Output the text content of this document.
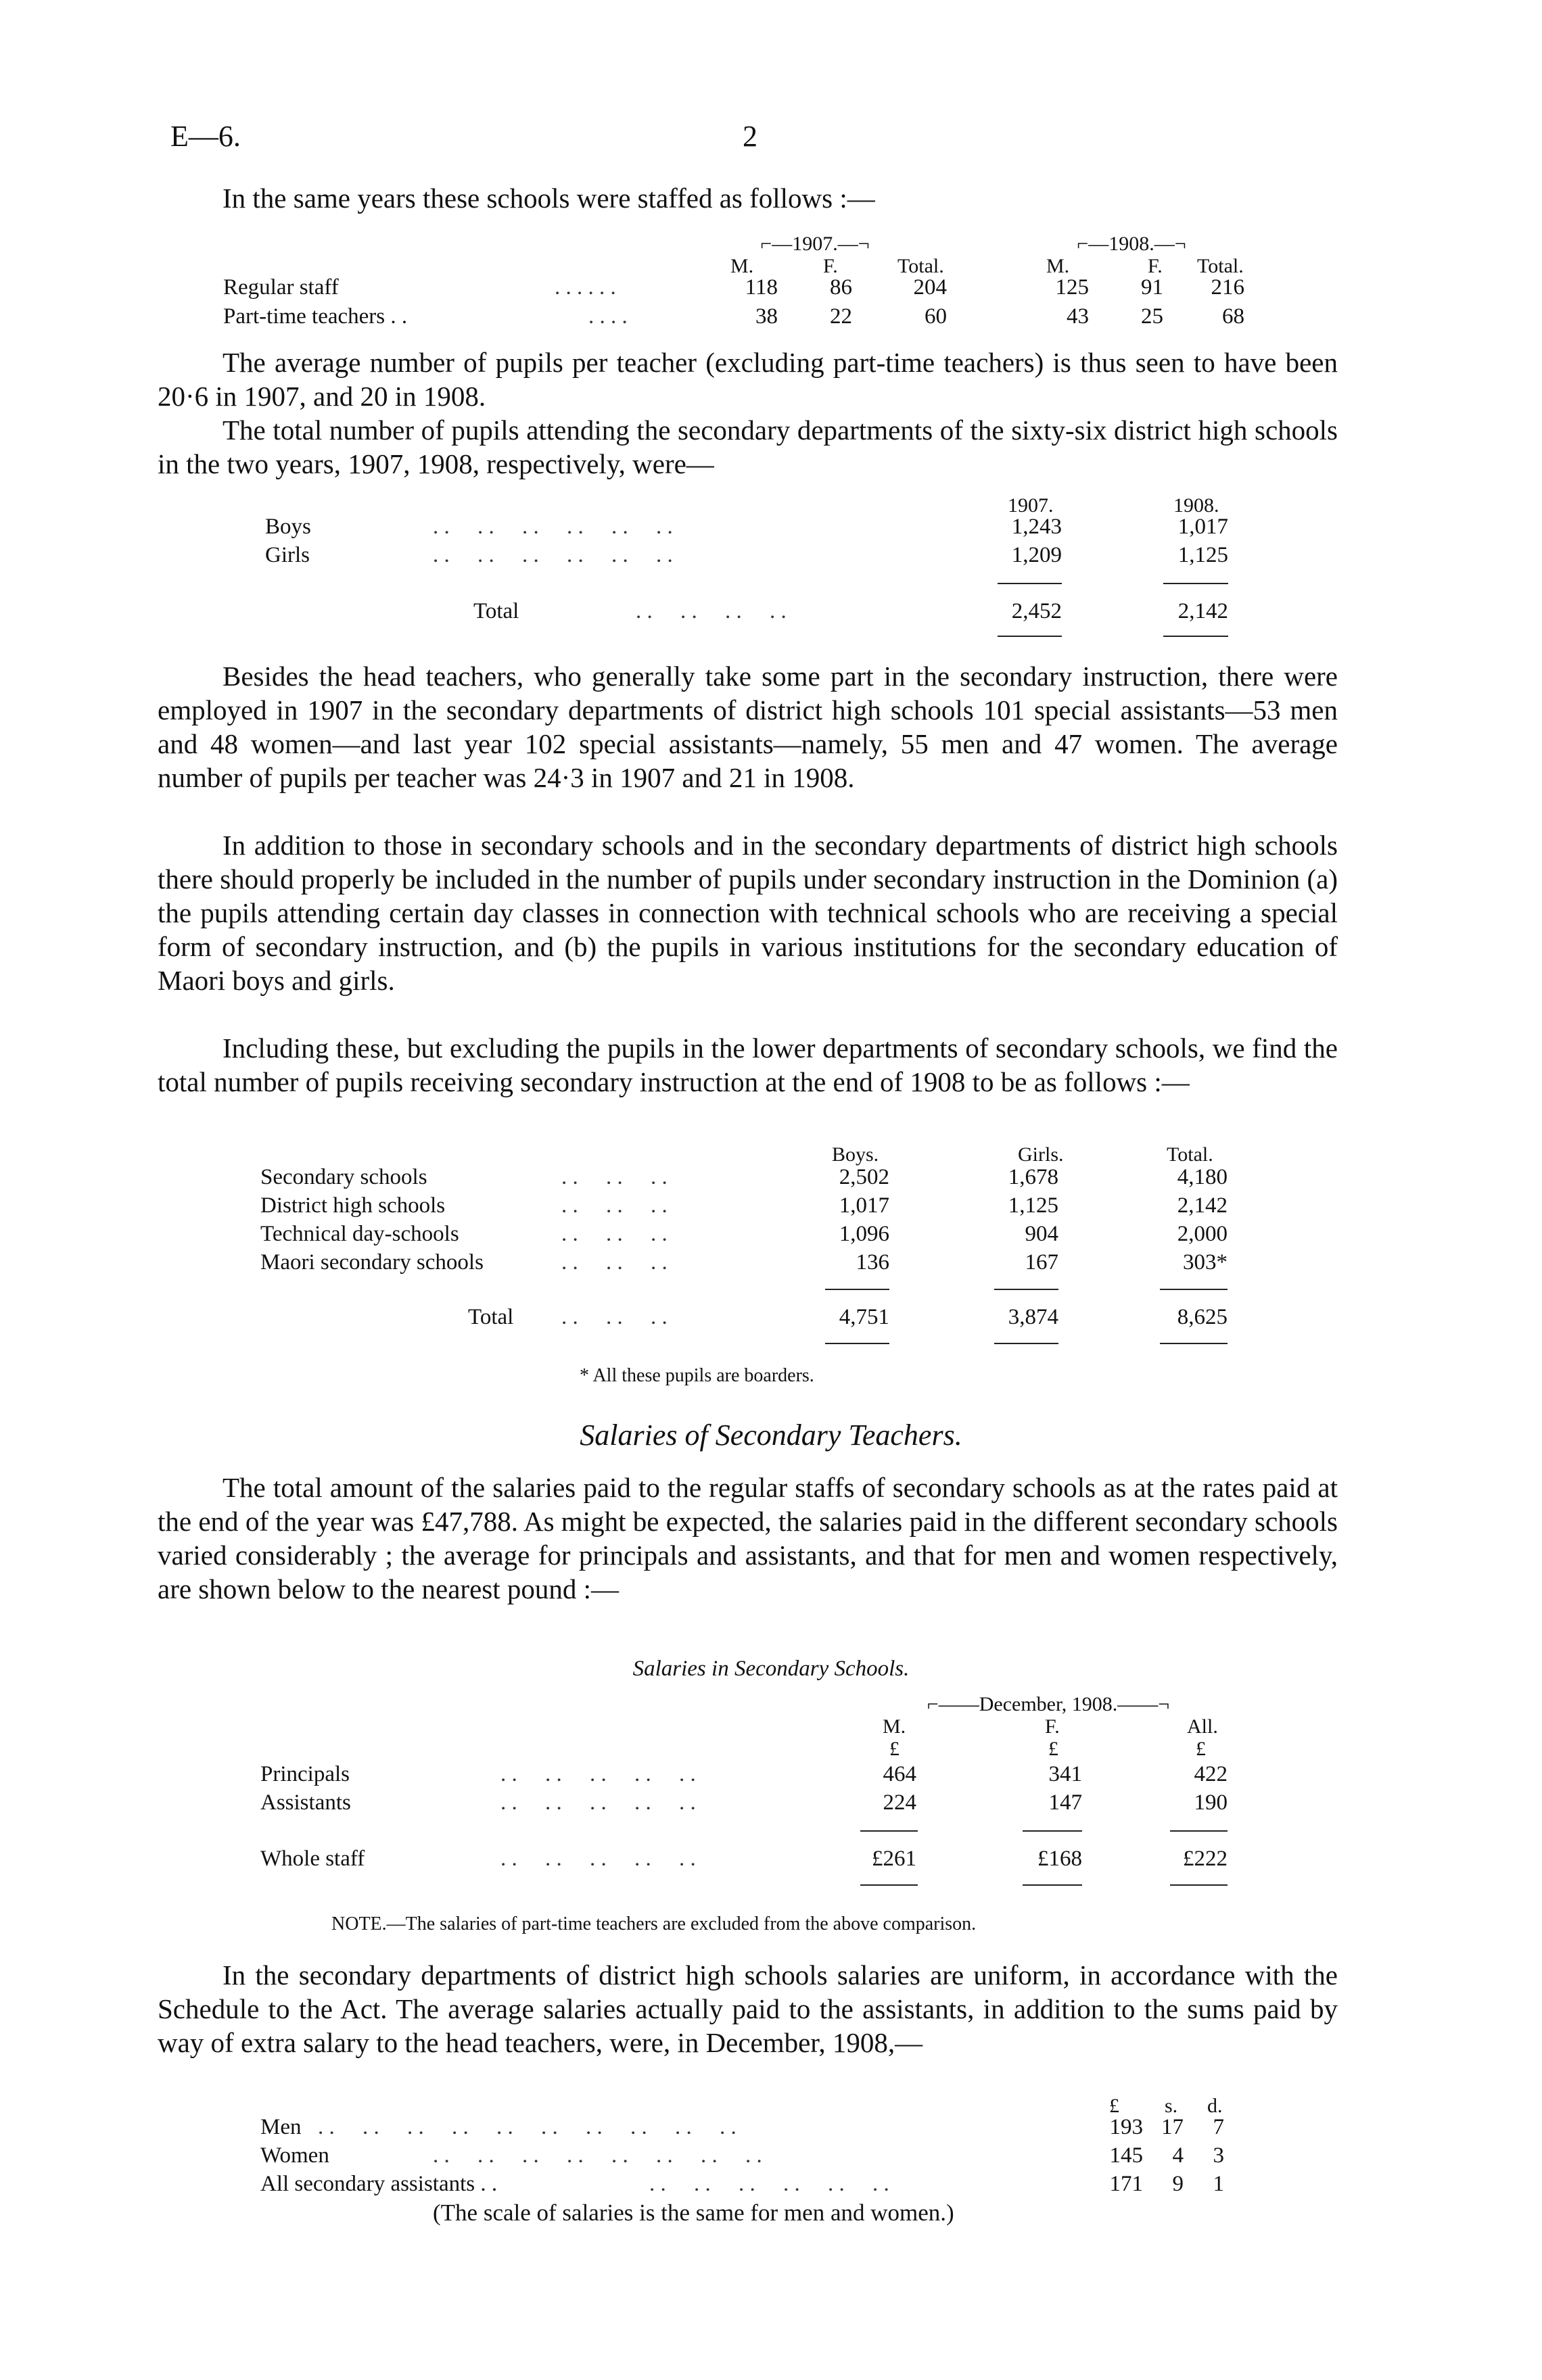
E—6.	2
In the same years these schools were staffed as follows :—
⌐—1907.—¬	⌐—1908.—¬
M.	F.	Total.	M.	F. Total.
Regular staff	. . . . . .	118	86	204	125	91	216
Part-time teachers . .	. . . .	38	22	60	43	25	68
The average number of pupils per teacher (excluding part-time teachers) is thus seen to have been 20·6 in 1907, and 20 in 1908.
The total number of pupils attending the secondary departments of the sixty-six district high schools in the two years, 1907, 1908, respectively, were—
1907.	1908.
Boys	. .     . .     . .     . .     . .     . .	1,243	1,017
Girls	. .     . .     . .     . .     . .     . .	1,209	1,125
Total	. .     . .     . .     . .	2,452	2,142
Besides the head teachers, who generally take some part in the secondary instruction, there were employed in 1907 in the secondary departments of district high schools 101 special assistants—53 men and 48 women—and last year 102 special assistants—namely, 55 men and 47 women. The average number of pupils per teacher was 24·3 in 1907 and 21 in 1908.
In addition to those in secondary schools and in the secondary departments of district high schools there should properly be included in the number of pupils under secondary instruction in the Dominion (a) the pupils attending certain day classes in connection with technical schools who are receiving a special form of secondary instruction, and (b) the pupils in various institutions for the secondary education of Maori boys and girls.
Including these, but excluding the pupils in the lower departments of secondary schools, we find the total number of pupils receiving secondary instruction at the end of 1908 to be as follows :—
Boys.	Girls.	Total.
Secondary schools	. .     . .     . .	2,502	1,678	4,180
District high schools	. .     . .     . .	1,017	1,125	2,142
Technical day-schools	. .     . .     . .	1,096	904	2,000
Maori secondary schools	. .     . .     . .	136	167	303*
Total . .     . .     . .	4,751	3,874	8,625
* All these pupils are boarders.
Salaries of Secondary Teachers.
The total amount of the salaries paid to the regular staffs of secondary schools as at the rates paid at the end of the year was £47,788. As might be expected, the salaries paid in the different secondary schools varied considerably ; the average for principals and assistants, and that for men and women respectively, are shown below to the nearest pound :—
Salaries in Secondary Schools.
⌐——December, 1908.——¬
M.	F.	All.
£	£	£
Principals	. .     . .     . .     . .     . .	464	341	422
Assistants	. .     . .     . .     . .     . .	224	147	190
Whole staff	. .     . .     . .     . .     . .	£261	£168	£222
NOTE.—The salaries of part-time teachers are excluded from the above comparison.
In the secondary departments of district high schools salaries are uniform, in accordance with the Schedule to the Act. The average salaries actually paid to the assistants, in addition to the sums paid by way of extra salary to the head teachers, were, in December, 1908,—
£ s. d.
Men . .     . .     . .     . .     . .     . .     . .     . .     . .     . .	193 17	7
Women	. .     . .     . .     . .     . .     . .     . .     . .	145	4	3
All secondary assistants . .	. .     . .     . .     . .     . .     . .	171	9	1
(The scale of salaries is the same for men and women.)
